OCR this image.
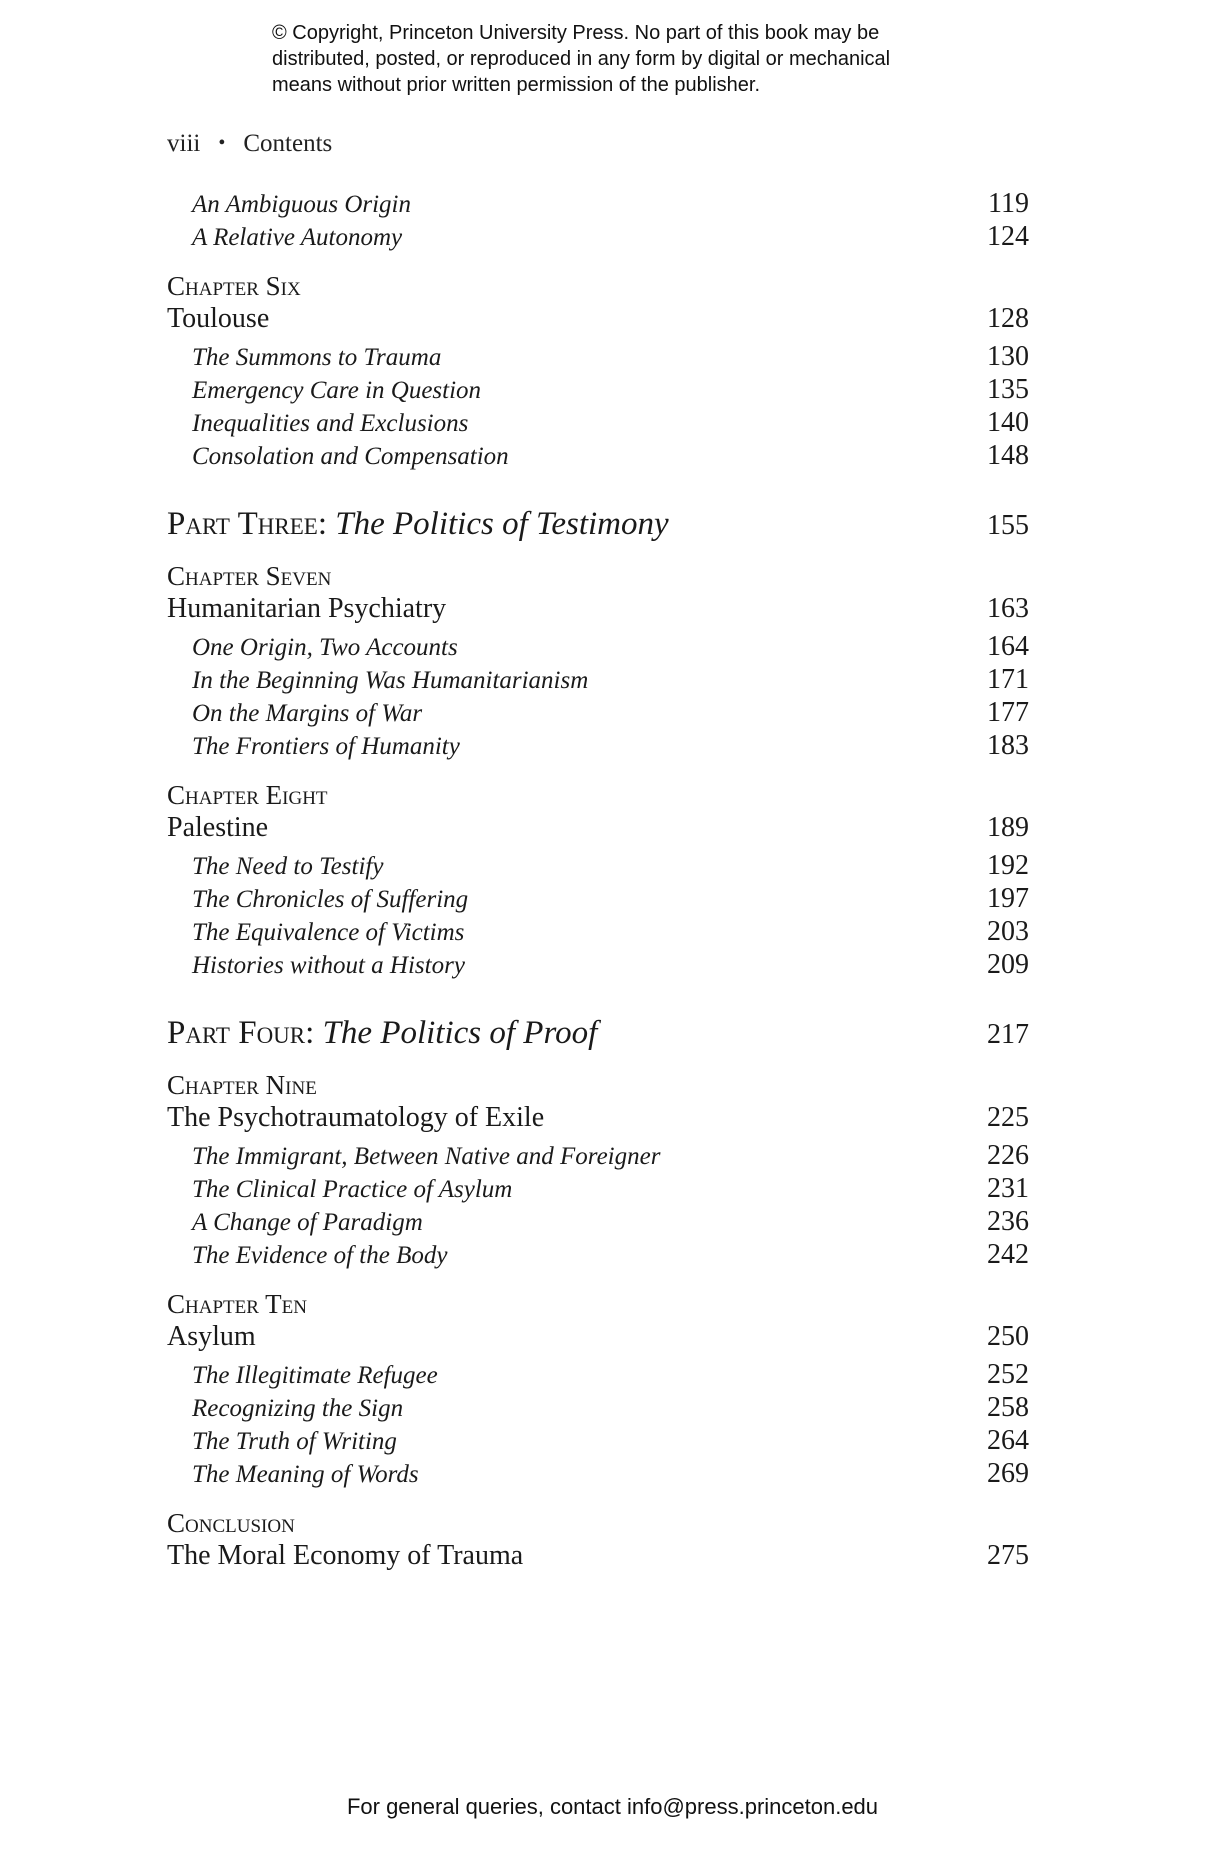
© Copyright, Princeton University Press. No part of this book may be
distributed, posted, or reproduced in any form by digital or mechanical
means without prior written permission of the publisher.
viii • Contents
An Ambiguous Origin	119
A Relative Autonomy	124
Chapter Six
Toulouse	128
The Summons to Trauma	130
Emergency Care in Question	135
Inequalities and Exclusions	140
Consolation and Compensation	148
Part Three: The Politics of Testimony	155
Chapter Seven
Humanitarian Psychiatry	163
One Origin, Two Accounts	164
In the Beginning Was Humanitarianism	171
On the Margins of War	177
The Frontiers of Humanity	183
Chapter Eight
Palestine	189
The Need to Testify	192
The Chronicles of Suffering	197
The Equivalence of Victims	203
Histories without a History	209
Part Four: The Politics of Proof	217
Chapter Nine
The Psychotraumatology of Exile	225
The Immigrant, Between Native and Foreigner	226
The Clinical Practice of Asylum	231
A Change of Paradigm	236
The Evidence of the Body	242
Chapter Ten
Asylum	250
The Illegitimate Refugee	252
Recognizing the Sign	258
The Truth of Writing	264
The Meaning of Words	269
Conclusion
The Moral Economy of Trauma	275
For general queries, contact info@press.princeton.edu
